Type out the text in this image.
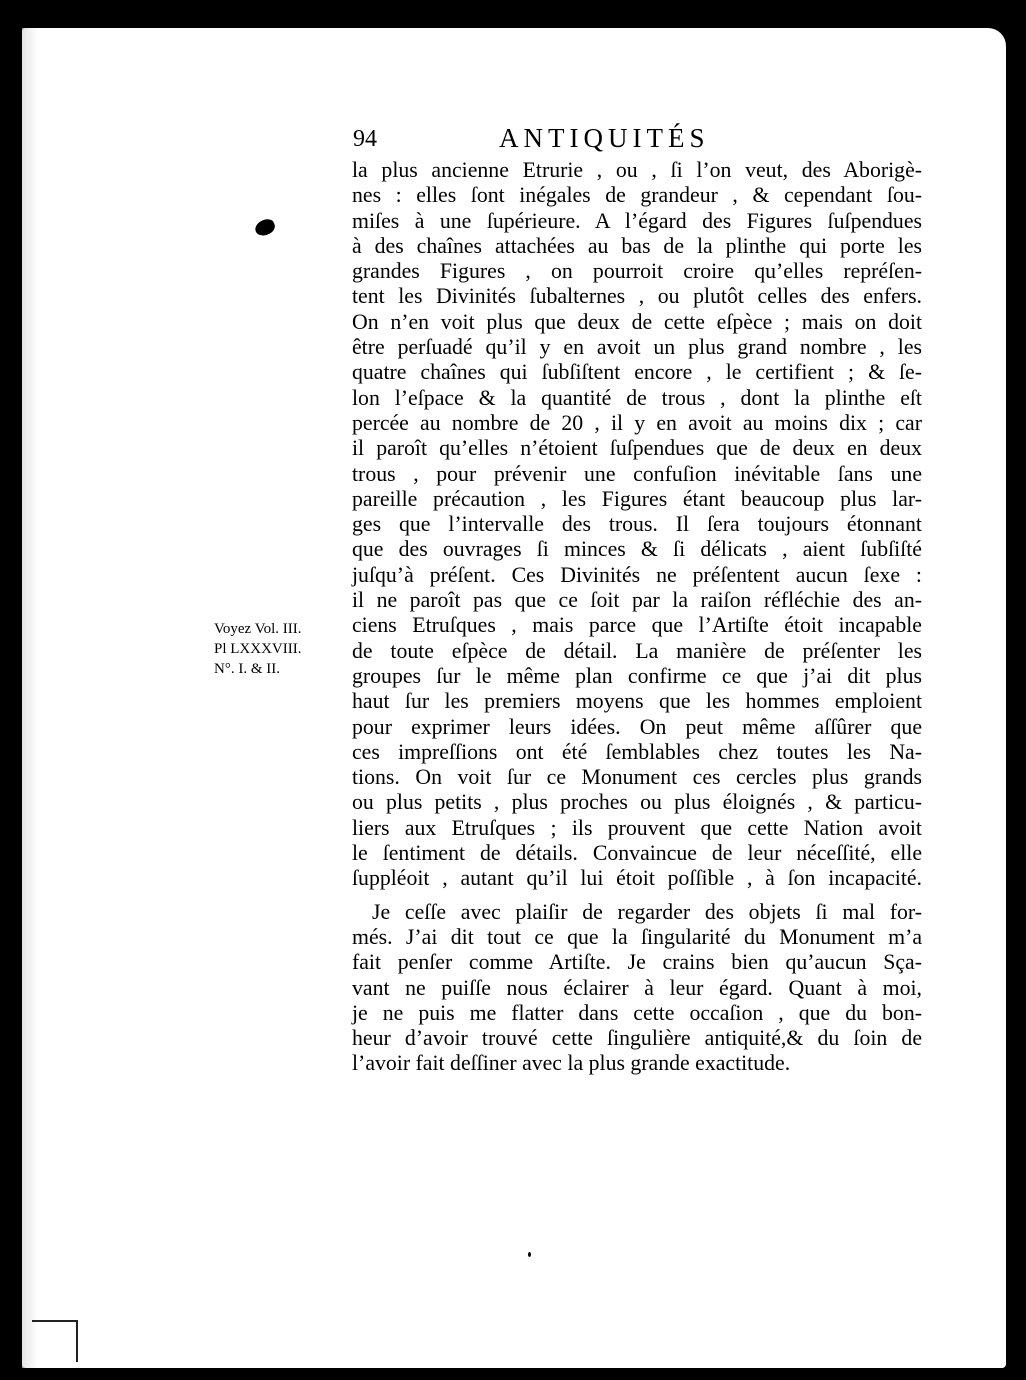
94	ANTIQUITÉS
Voyez Vol. III.
Pl LXXXVIII.
N°. I. & II.
la plus ancienne Etrurie , ou , ſi l’on veut, des Aborigè-
nes : elles ſont inégales de grandeur , & cependant ſou-
miſes à une ſupérieure. A l’égard des Figures ſuſpendues
à des chaînes attachées au bas de la plinthe qui porte les
grandes Figures , on pourroit croire qu’elles repréſen-
tent les Divinités ſubalternes , ou plutôt celles des enfers.
On n’en voit plus que deux de cette eſpèce ; mais on doit
être perſuadé qu’il y en avoit un plus grand nombre , les
quatre chaînes qui ſubſiſtent encore , le certifient ; & ſe-
lon l’eſpace & la quantité de trous , dont la plinthe eſt
percée au nombre de 20 , il y en avoit au moins dix ; car
il paroît qu’elles n’étoient ſuſpendues que de deux en deux
trous , pour prévenir une confuſion inévitable ſans une
pareille précaution , les Figures étant beaucoup plus lar-
ges que l’intervalle des trous. Il ſera toujours étonnant
que des ouvrages ſi minces & ſi délicats , aient ſubſiſté
juſqu’à préſent. Ces Divinités ne préſentent aucun ſexe :
il ne paroît pas que ce ſoit par la raiſon réfléchie des an-
ciens Etruſques , mais parce que l’Artiſte étoit incapable
de toute eſpèce de détail. La manière de préſenter les
groupes ſur le même plan confirme ce que j’ai dit plus
haut ſur les premiers moyens que les hommes emploient
pour exprimer leurs idées. On peut même aſſûrer que
ces impreſſions ont été ſemblables chez toutes les Na-
tions. On voit ſur ce Monument ces cercles plus grands
ou plus petits , plus proches ou plus éloignés , & particu-
liers aux Etruſques ; ils prouvent que cette Nation avoit
le ſentiment de détails. Convaincue de leur néceſſité, elle
ſuppléoit , autant qu’il lui étoit poſſible , à ſon incapacité.
Je ceſſe avec plaiſir de regarder des objets ſi mal for-
més. J’ai dit tout ce que la ſingularité du Monument m’a
fait penſer comme Artiſte. Je crains bien qu’aucun Sça-
vant ne puiſſe nous éclairer à leur égard. Quant à moi,
je ne puis me flatter dans cette occaſion , que du bon-
heur d’avoir trouvé cette ſingulière antiquité,& du ſoin de
l’avoir fait deſſiner avec la plus grande exactitude.
